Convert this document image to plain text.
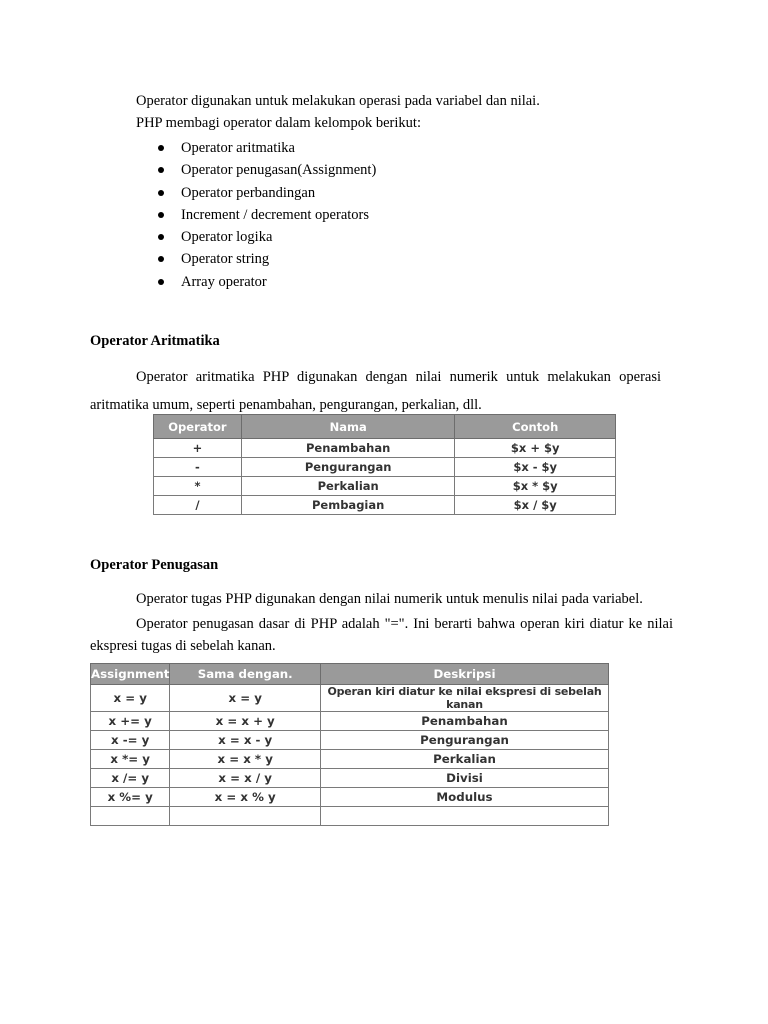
Operator digunakan untuk melakukan operasi pada variabel dan nilai.
PHP membagi operator dalam kelompok berikut:
Operator aritmatika
Operator penugasan(Assignment)
Operator perbandingan
Increment / decrement operators
Operator logika
Operator string
Array operator
Operator Aritmatika
Operator aritmatika PHP digunakan dengan nilai numerik untuk melakukan operasi
aritmatika umum, seperti penambahan, pengurangan, perkalian, dll.
Operator	Nama	Contoh
+	Penambahan	$x + $y
-	Pengurangan	$x - $y
*	Perkalian	$x * $y
/	Pembagian	$x / $y
Operator Penugasan
Operator tugas PHP digunakan dengan nilai numerik untuk menulis nilai pada variabel.
Operator penugasan dasar di PHP adalah "=". Ini berarti bahwa operan kiri diatur ke nilai
ekspresi tugas di sebelah kanan.
Assignment	Sama dengan.	Deskripsi
x = y	x = y	Operan kiri diatur ke nilai ekspresi di sebelah kanan
x += y	x = x + y	Penambahan
x -= y	x = x - y	Pengurangan
x *= y	x = x * y	Perkalian
x /= y	x = x / y	Divisi
x %= y	x = x % y	Modulus
